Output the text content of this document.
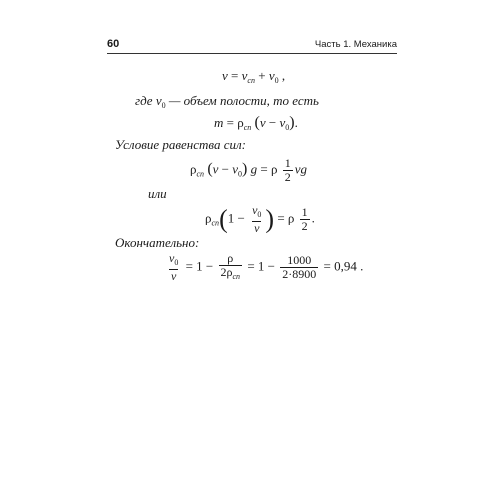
60	Часть 1. Механика
$v = v_{сп} + v_0$ ,
где $v_0$ — объем полости, то есть
$m = \rho_{сп}$ $(v - v_0)$.
Условие равенства сил:
$\rho_{сп}$ $(v - v_0)$ g = ρ $\frac{1}{2}$ vg
или
$\rho_{сп}(1 - \frac{v_0}{v}$ ) = ρ $\frac{1}{2}$ .
Окончательно:
$\frac{v_0}{v} = 1 - \frac{\rho}{2\rho_{сп}} = 1 - \frac{1000}{2\cdot 8900} = 0,94$ .
